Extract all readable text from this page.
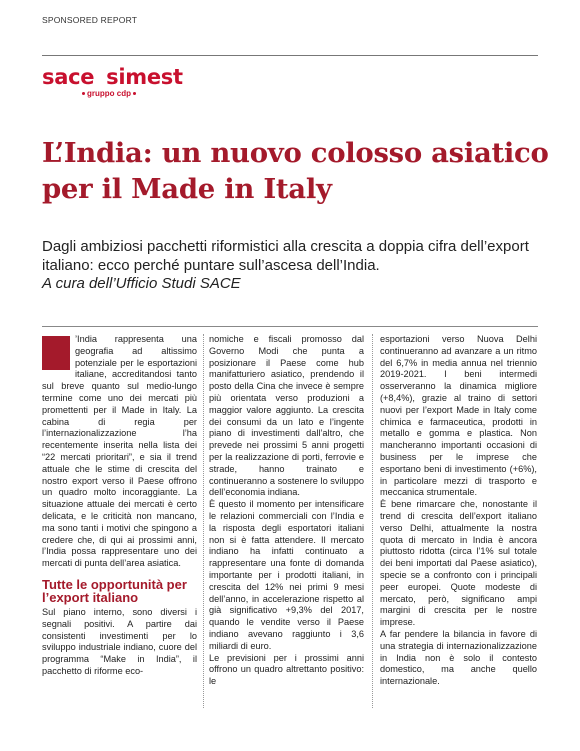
SPONSORED REPORT
sace simest
gruppo cdp
L’India: un nuovo colosso asiatico per il Made in Italy

Dagli ambiziosi pacchetti riformistici alla crescita a doppia cifra dell’export italiano: ecco perché puntare sull’ascesa dell’India.

A cura dell’Ufficio Studi SACE

’India rappresenta una geografia ad altissimo potenziale per le esportazioni italiane, accreditandosi tanto sul breve quanto sul medio-lungo termine come uno dei mercati più promettenti per il Made in Italy. La cabina di regia per l’internazionalizzazione l’ha recentemente inserita nella lista dei “22 mercati prioritari”, e sia il trend attuale che le stime di crescita del nostro export verso il Paese offrono un quadro molto incoraggiante. La situazione attuale dei mercati è certo delicata, e le criticità non mancano, ma sono tanti i motivi che spingono a credere che, di qui ai prossimi anni, l’India possa rappresentare uno dei mercati di punta dell’area asiatica.

Tutte le opportunità per l’export italiano

Sul piano interno, sono diversi i segnali positivi. A partire dai consistenti investimenti per lo sviluppo industriale indiano, cuore del programma “Make in India”, il pacchetto di riforme eco-

nomiche e fiscali promosso dal Governo Modi che punta a posizionare il Paese come hub manifatturiero asiatico, prendendo il posto della Cina che invece è sempre più orientata verso produzioni a maggior valore aggiunto. La crescita dei consumi da un lato e l’ingente piano di investimenti dall’altro, che prevede nei prossimi 5 anni progetti per la realizzazione di porti, ferrovie e strade, hanno trainato e continueranno a sostenere lo sviluppo dell’economia indiana.

È questo il momento per intensificare le relazioni commerciali con l’India e la risposta degli esportatori italiani non si è fatta attendere. Il mercato indiano ha infatti continuato a rappresentare una fonte di domanda importante per i prodotti italiani, in crescita del 12% nei primi 9 mesi dell’anno, in accelerazione rispetto al già significativo +9,3% del 2017, quando le vendite verso il Paese indiano avevano raggiunto i 3,6 miliardi di euro.

Le previsioni per i prossimi anni offrono un quadro altrettanto positivo: le

esportazioni verso Nuova Delhi continueranno ad avanzare a un ritmo del 6,7% in media annua nel triennio 2019-2021. I beni intermedi osserveranno la dinamica migliore (+8,4%), grazie al traino di settori nuovi per l’export Made in Italy come chimica e farmaceutica, prodotti in metallo e gomma e plastica. Non mancheranno importanti occasioni di business per le imprese che esportano beni di investimento (+6%), in particolare mezzi di trasporto e meccanica strumentale.

È bene rimarcare che, nonostante il trend di crescita dell’export italiano verso Delhi, attualmente la nostra quota di mercato in India è ancora piuttosto ridotta (circa l’1% sul totale dei beni importati dal Paese asiatico), specie se a confronto con i principali peer europei. Quote modeste di mercato, però, significano ampi margini di crescita per le nostre imprese.

A far pendere la bilancia in favore di una strategia di internazionalizzazione in India non è solo il contesto domestico, ma anche quello internazionale.
